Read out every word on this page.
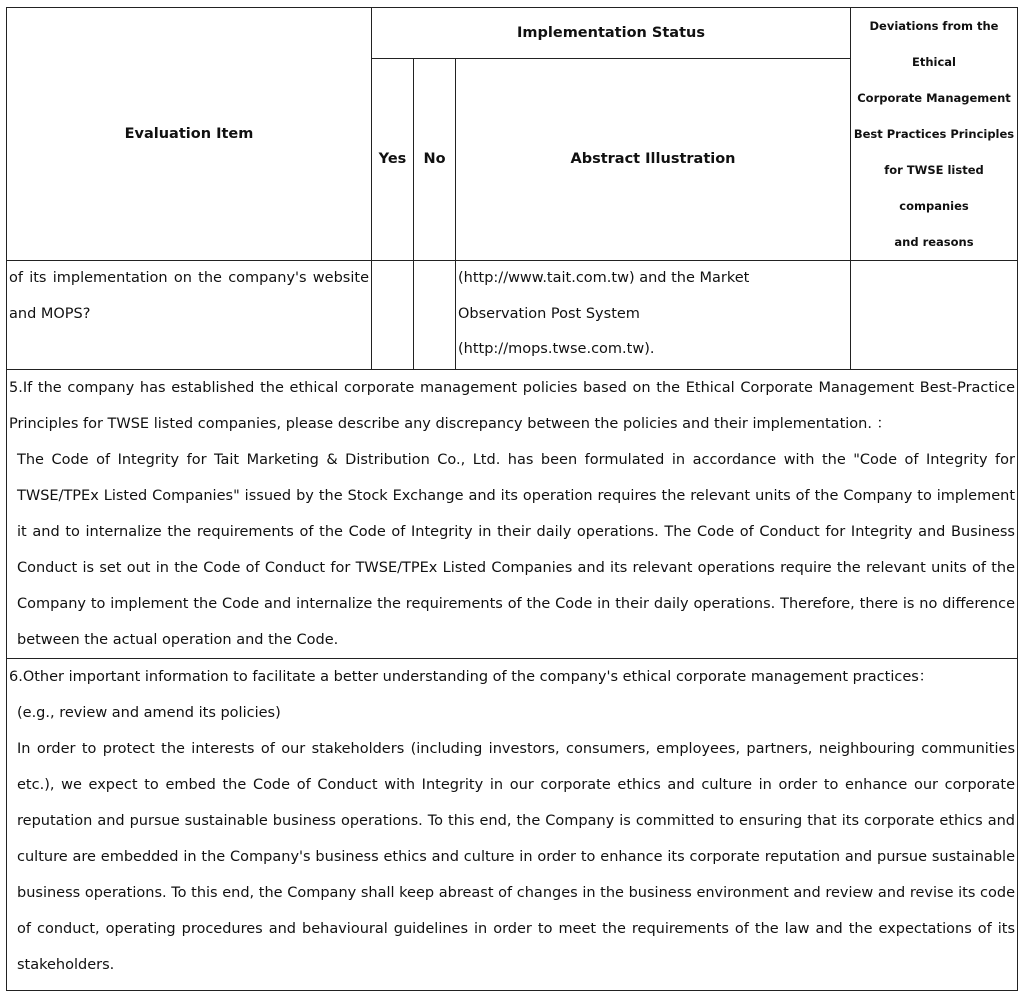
Evaluation Item	Implementation Status			Deviations from the Ethical
Corporate Management
Best Practices Principles
for TWSE listed companies
and reasons

	Yes	No	Abstract Illustration	
of its implementation on the company's website and MOPS?			(http://www.tait.com.tw) and the Market
Observation Post System
(http://mops.twse.com.tw).	

5.If the company has established the ethical corporate management policies based on the Ethical Corporate Management Best-Practice Principles for TWSE listed companies, please describe any discrepancy between the policies and their implementation. ：

The Code of Integrity for Tait Marketing & Distribution Co., Ltd. has been formulated in accordance with the "Code of Integrity for TWSE/TPEx Listed Companies" issued by the Stock Exchange and its operation requires the relevant units of the Company to implement it and to internalize the requirements of the Code of Integrity in their daily operations. The Code of Conduct for Integrity and Business Conduct is set out in the Code of Conduct for TWSE/TPEx Listed Companies and its relevant operations require the relevant units of the Company to implement the Code and internalize the requirements of the Code in their daily operations. Therefore, there is no difference between the actual operation and the Code.				

6.Other important information to facilitate a better understanding of the company's ethical corporate management practices：

(e.g., review and amend its policies)

In order to protect the interests of our stakeholders (including investors, consumers, employees, partners, neighbouring communities etc.), we expect to embed the Code of Conduct with Integrity in our corporate ethics and culture in order to enhance our corporate reputation and pursue sustainable business operations. To this end, the Company is committed to ensuring that its corporate ethics and culture are embedded in the Company's business ethics and culture in order to enhance its corporate reputation and pursue sustainable business operations. To this end, the Company shall keep abreast of changes in the business environment and review and revise its code of conduct, operating procedures and behavioural guidelines in order to meet the requirements of the law and the expectations of its stakeholders.				
